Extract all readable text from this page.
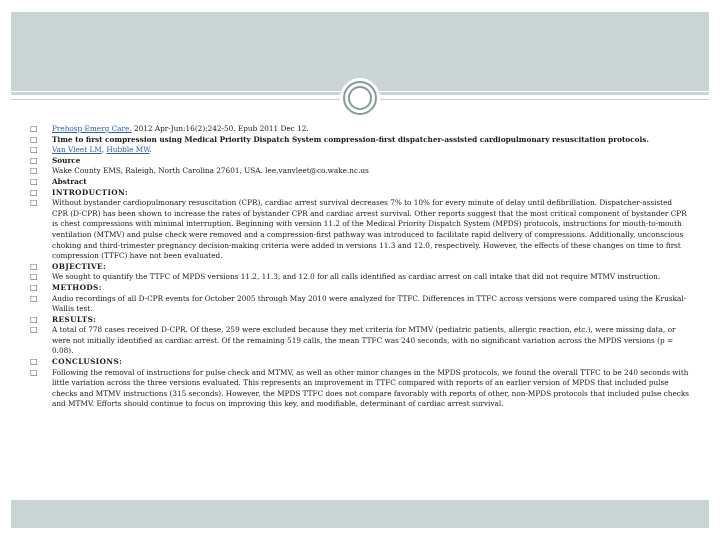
□
Prehosp Emerg Care. 2012 Apr-Jun;16(2):242-50. Epub 2011 Dec 12.
□
Time to first compression using Medical Priority Dispatch System compression-first dispatcher-assisted cardiopulmonary resuscitation protocols.
□
Van Vleet LM, Hubble MW.
□
Source
□
Wake County EMS, Raleigh, North Carolina 27601, USA. lee.vanvleet@co.wake.nc.us
□
Abstract
□
INTRODUCTION:
□
Without bystander cardiopulmonary resuscitation (CPR), cardiac arrest survival decreases 7% to 10% for every minute of delay until defibrillation. Dispatcher-assisted CPR (D-CPR) has been shown to increase the rates of bystander CPR and cardiac arrest survival. Other reports suggest that the most critical component of bystander CPR is chest compressions with minimal interruption. Beginning with version 11.2 of the Medical Priority Dispatch System (MPDS) protocols, instructions for mouth-to-mouth ventilation (MTMV) and pulse check were removed and a compression-first pathway was introduced to facilitate rapid delivery of compressions. Additionally, unconscious choking and third-trimester pregnancy decision-making criteria were added in versions 11.3 and 12.0, respectively. However, the effects of these changes on time to first compression (TTFC) have not been evaluated.
□
OBJECTIVE:
□
We sought to quantify the TTFC of MPDS versions 11.2, 11.3, and 12.0 for all calls identified as cardiac arrest on call intake that did not require MTMV instruction.
□
METHODS:
□
Audio recordings of all D-CPR events for October 2005 through May 2010 were analyzed for TTFC. Differences in TTFC across versions were compared using the Kruskal-Wallis test.
□
RESULTS:
□
A total of 778 cases received D-CPR. Of these, 259 were excluded because they met criteria for MTMV (pediatric patients, allergic reaction, etc.), were missing data, or were not initially identified as cardiac arrest. Of the remaining 519 calls, the mean TTFC was 240 seconds, with no significant variation across the MPDS versions (p = 0.08).
□
CONCLUSIONS:
□
Following the removal of instructions for pulse check and MTMV, as well as other minor changes in the MPDS protocols, we found the overall TTFC to be 240 seconds with little variation across the three versions evaluated. This represents an improvement in TTFC compared with reports of an earlier version of MPDS that included pulse checks and MTMV instructions (315 seconds). However, the MPDS TTFC does not compare favorably with reports of other, non-MPDS protocols that included pulse checks and MTMV. Efforts should continue to focus on improving this key, and modifiable, determinant of cardiac arrest survival.
